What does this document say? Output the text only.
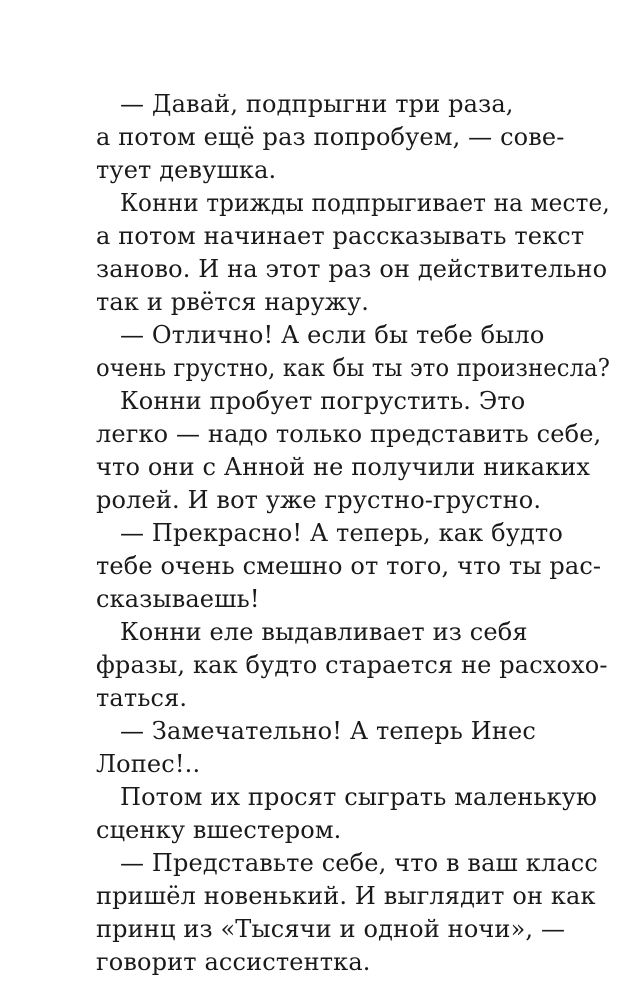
— Давай, подпрыгни три раза,
а потом ещё раз попробуем, — сове-
тует девушка.
Конни трижды подпрыгивает на месте,
а потом начинает рассказывать текст
заново. И на этот раз он действительно
так и рвётся наружу.
— Отлично! А если бы тебе было
очень грустно, как бы ты это произнесла?
Конни пробует погрустить. Это
легко — надо только представить себе,
что они с Анной не получили никаких
ролей. И вот уже грустно-грустно.
— Прекрасно! А теперь, как будто
тебе очень смешно от того, что ты рас-
сказываешь!
Конни еле выдавливает из себя
фразы, как будто старается не расхохо-
таться.
— Замечательно! А теперь Инес
Лопес!..
Потом их просят сыграть маленькую
сценку вшестером.
— Представьте себе, что в ваш класс
пришёл новенький. И выглядит он как
принц из «Тысячи и одной ночи», —
говорит ассистентка.
